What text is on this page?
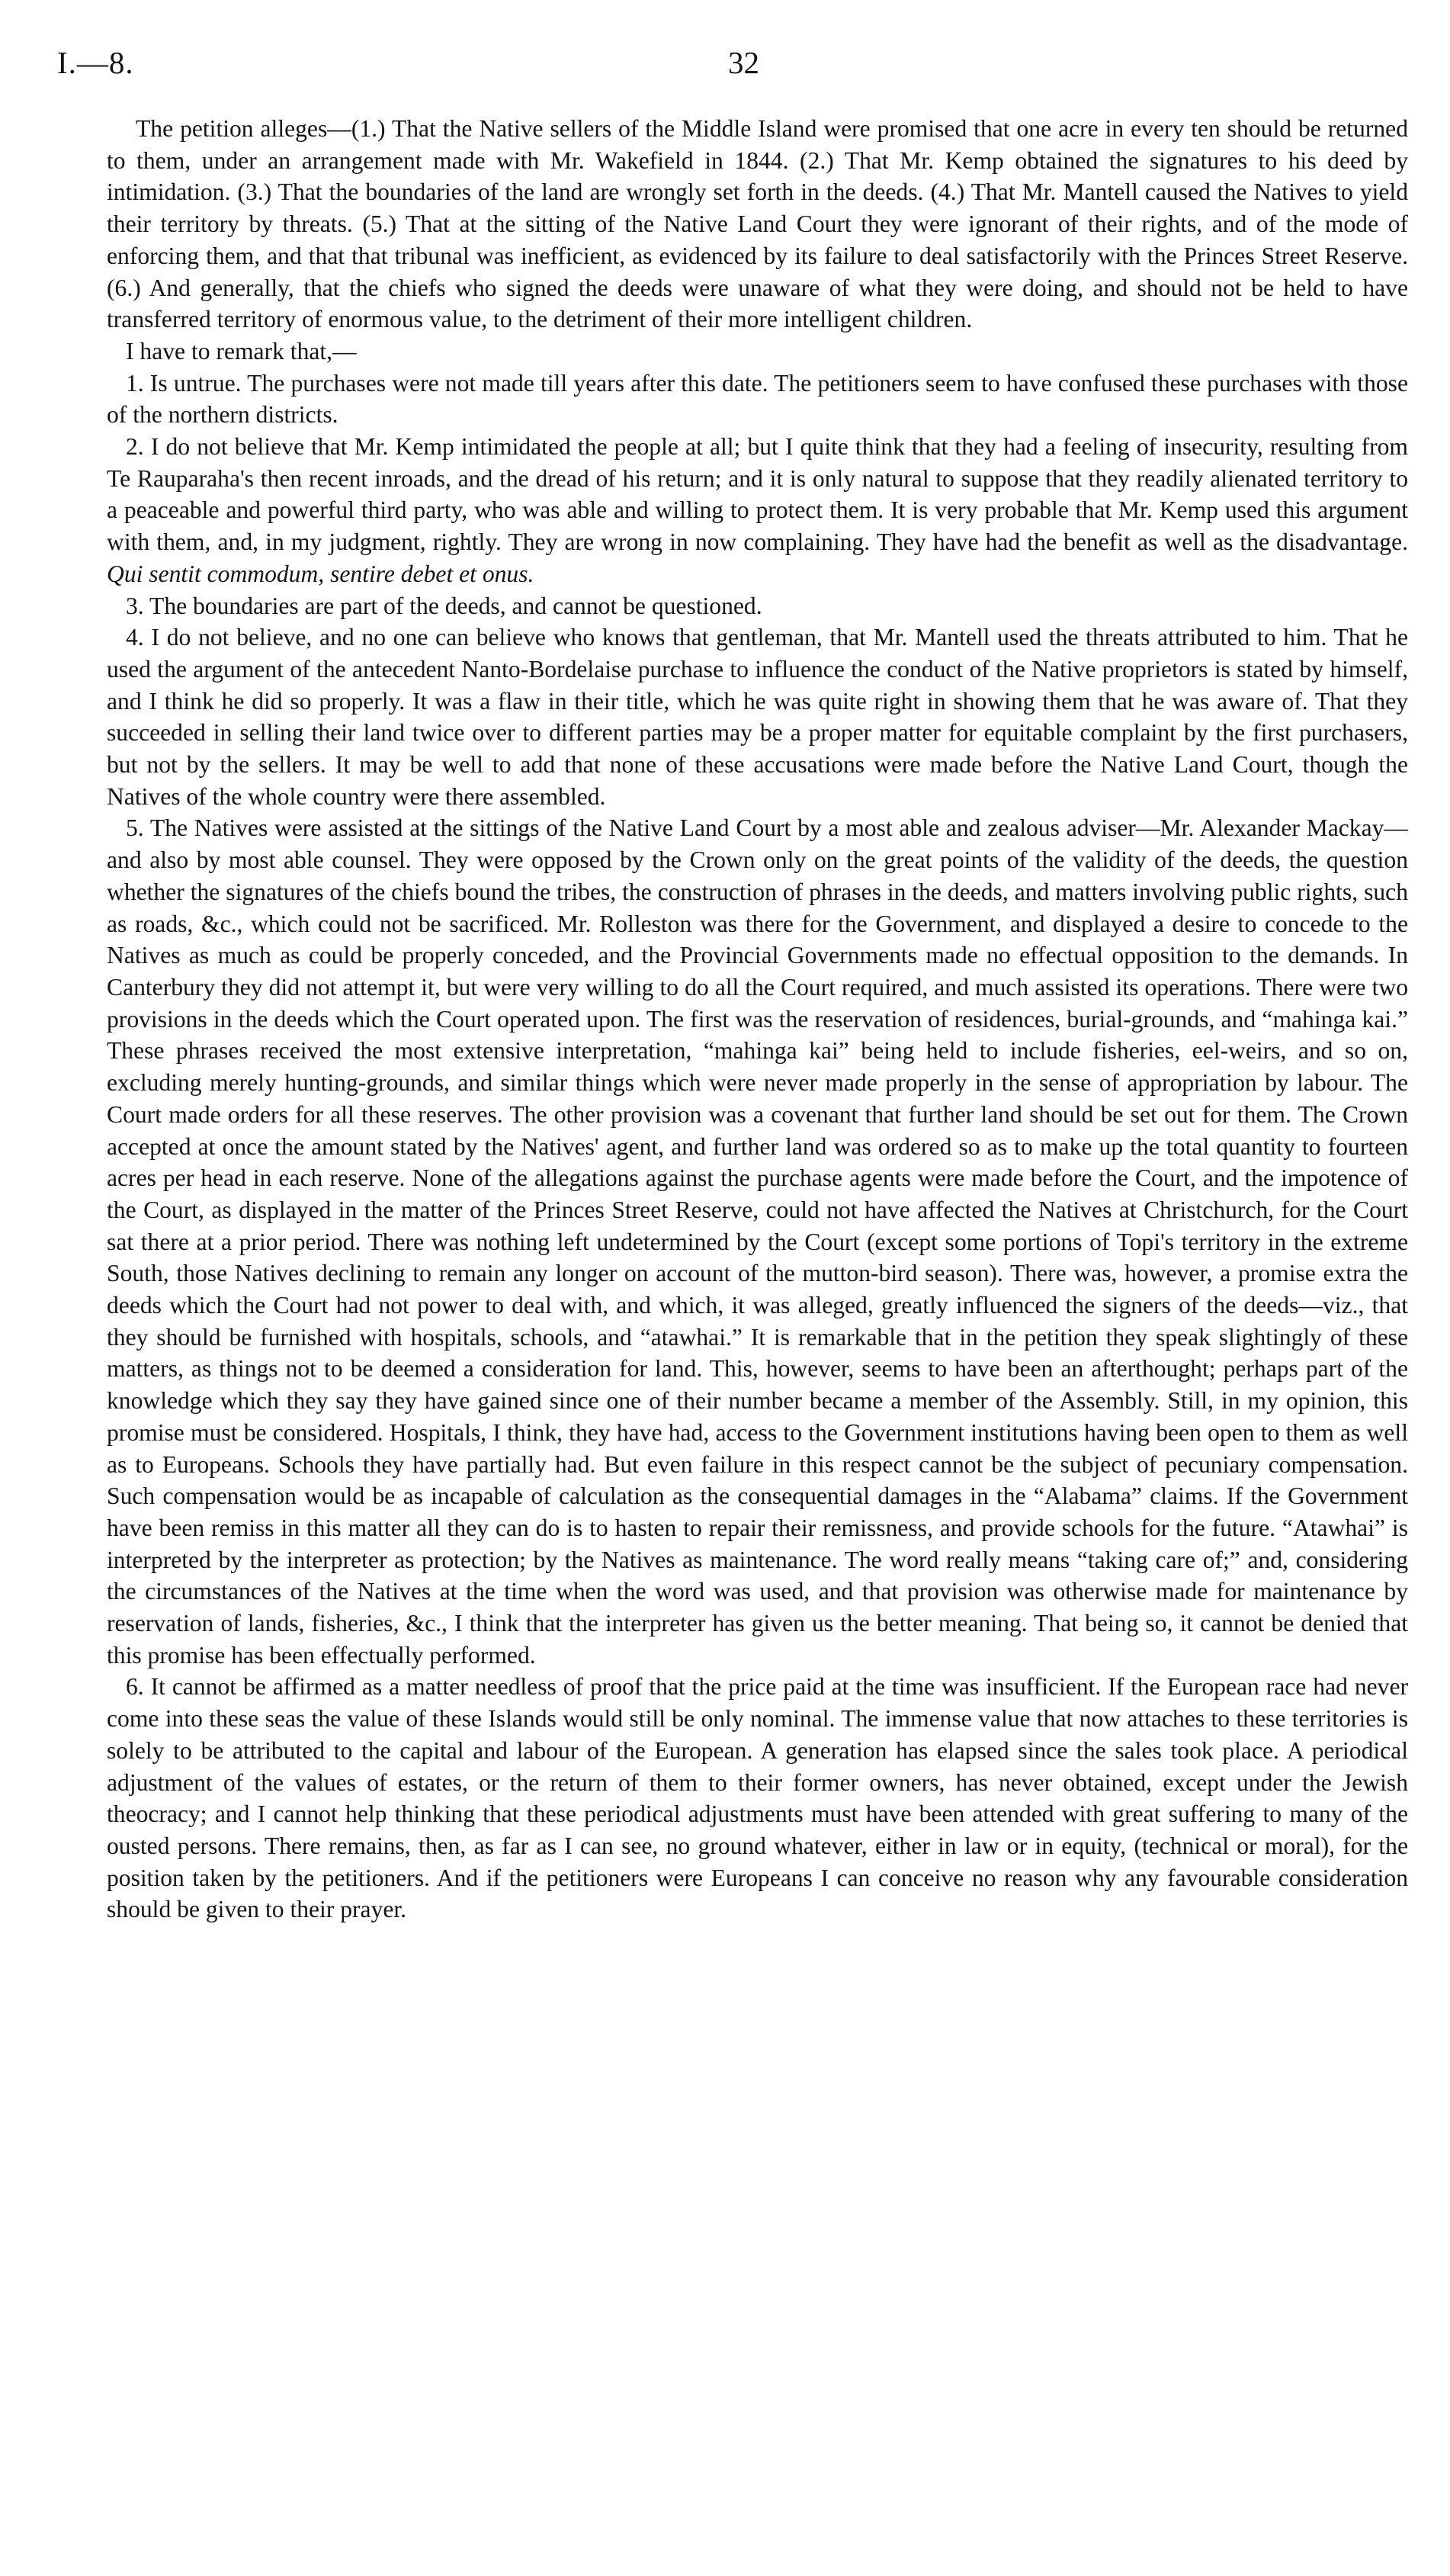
I.—8.	32

The petition alleges—(1.) That the Native sellers of the Middle Island were promised that one acre in every ten should be returned to them, under an arrangement made with Mr. Wakefield in 1844. (2.) That Mr. Kemp obtained the signatures to his deed by intimidation. (3.) That the boundaries of the land are wrongly set forth in the deeds. (4.) That Mr. Mantell caused the Natives to yield their territory by threats. (5.) That at the sitting of the Native Land Court they were ignorant of their rights, and of the mode of enforcing them, and that that tribunal was inefficient, as evidenced by its failure to deal satisfactorily with the Princes Street Reserve. (6.) And generally, that the chiefs who signed the deeds were unaware of what they were doing, and should not be held to have transferred territory of enormous value, to the detriment of their more intelligent children.

I have to remark that,—

1. Is untrue. The purchases were not made till years after this date. The petitioners seem to have confused these purchases with those of the northern districts.

2. I do not believe that Mr. Kemp intimidated the people at all; but I quite think that they had a feeling of insecurity, resulting from Te Rauparaha's then recent inroads, and the dread of his return; and it is only natural to suppose that they readily alienated territory to a peaceable and powerful third party, who was able and willing to protect them. It is very probable that Mr. Kemp used this argument with them, and, in my judgment, rightly. They are wrong in now complaining. They have had the benefit as well as the disadvantage. Qui sentit commodum, sentire debet et onus.

3. The boundaries are part of the deeds, and cannot be questioned.

4. I do not believe, and no one can believe who knows that gentleman, that Mr. Mantell used the threats attributed to him. That he used the argument of the antecedent Nanto-Bordelaise purchase to influence the conduct of the Native proprietors is stated by himself, and I think he did so properly. It was a flaw in their title, which he was quite right in showing them that he was aware of. That they succeeded in selling their land twice over to different parties may be a proper matter for equitable complaint by the first purchasers, but not by the sellers. It may be well to add that none of these accusations were made before the Native Land Court, though the Natives of the whole country were there assembled.

5. The Natives were assisted at the sittings of the Native Land Court by a most able and zealous adviser—Mr. Alexander Mackay—and also by most able counsel. They were opposed by the Crown only on the great points of the validity of the deeds, the question whether the signatures of the chiefs bound the tribes, the construction of phrases in the deeds, and matters involving public rights, such as roads, &c., which could not be sacrificed. Mr. Rolleston was there for the Government, and displayed a desire to concede to the Natives as much as could be properly conceded, and the Provincial Governments made no effectual opposition to the demands. In Canterbury they did not attempt it, but were very willing to do all the Court required, and much assisted its operations. There were two provisions in the deeds which the Court operated upon. The first was the reservation of residences, burial-grounds, and “mahinga kai.” These phrases received the most extensive interpretation, “mahinga kai” being held to include fisheries, eel-weirs, and so on, excluding merely hunting-grounds, and similar things which were never made properly in the sense of appropriation by labour. The Court made orders for all these reserves. The other provision was a covenant that further land should be set out for them. The Crown accepted at once the amount stated by the Natives' agent, and further land was ordered so as to make up the total quantity to fourteen acres per head in each reserve. None of the allegations against the purchase agents were made before the Court, and the impotence of the Court, as displayed in the matter of the Princes Street Reserve, could not have affected the Natives at Christchurch, for the Court sat there at a prior period. There was nothing left undetermined by the Court (except some portions of Topi's territory in the extreme South, those Natives declining to remain any longer on account of the mutton-bird season). There was, however, a promise extra the deeds which the Court had not power to deal with, and which, it was alleged, greatly influenced the signers of the deeds—viz., that they should be furnished with hospitals, schools, and “atawhai.” It is remarkable that in the petition they speak slightingly of these matters, as things not to be deemed a consideration for land. This, however, seems to have been an afterthought; perhaps part of the knowledge which they say they have gained since one of their number became a member of the Assembly. Still, in my opinion, this promise must be considered. Hospitals, I think, they have had, access to the Government institutions having been open to them as well as to Europeans. Schools they have partially had. But even failure in this respect cannot be the subject of pecuniary compensation. Such compensation would be as incapable of calculation as the consequential damages in the “Alabama” claims. If the Government have been remiss in this matter all they can do is to hasten to repair their remissness, and provide schools for the future. “Atawhai” is interpreted by the interpreter as protection; by the Natives as maintenance. The word really means “taking care of;” and, considering the circumstances of the Natives at the time when the word was used, and that provision was otherwise made for maintenance by reservation of lands, fisheries, &c., I think that the interpreter has given us the better meaning. That being so, it cannot be denied that this promise has been effectually performed.

6. It cannot be affirmed as a matter needless of proof that the price paid at the time was insufficient. If the European race had never come into these seas the value of these Islands would still be only nominal. The immense value that now attaches to these territories is solely to be attributed to the capital and labour of the European. A generation has elapsed since the sales took place. A periodical adjustment of the values of estates, or the return of them to their former owners, has never obtained, except under the Jewish theocracy; and I cannot help thinking that these periodical adjustments must have been attended with great suffering to many of the ousted persons. There remains, then, as far as I can see, no ground whatever, either in law or in equity, (technical or moral), for the position taken by the petitioners. And if the petitioners were Europeans I can conceive no reason why any favourable consideration should be given to their prayer.
